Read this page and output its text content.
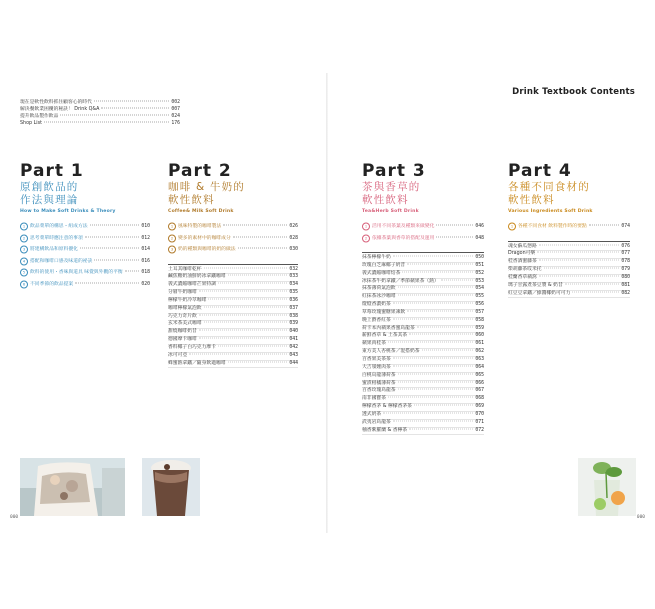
現在是軟性飲料抓住顧客心的時代	002
解決餐飲業困擾的秘訣！ Drink Q&A	007
提升飲品製作飲品	024
Shop List	176
Part 1
原創飲品的
作法與理論
How to Make Soft Drinks & Theory
1	飲品菜單的構思・組成方法	010
2	思考菜單時應注意的事項	012
3	將建構飲品和原料優化	014
4	搭配和咖啡口感及味道的祕訣	016
5	飲料的使用・香味與道具 味覺與外觀的平衡	018
6	不同季節的飲品提案	020
Part 2
咖啡 & 牛奶的
軟性飲料
Coffee& Milk Soft Drink
1	風味特製的咖啡製法	026
2	變多的素材中的咖啡成分	028
3	奶的種類與咖啡的奶的做法	030
土耳其咖啡乾杯	032
鹹焦糖奶油鮮奶冰拿鐵咖啡	033
義式濃縮咖啡芒果特調	034
分層牛奶咖啡	035
檸檬牛奶冷萃咖啡	036
咖啡檸檬氣泡飲	037
巧克力奇片飲	038
玄米茶美式咖啡	039
甜燒咖啡奶昔	040
德國摩卡咖啡	041
香料椰子白巧克力摩卡	042
冰可可亞	043
蜂蜜熱拿鐵／隨身飲適咖啡	044
000
Drink Textbook Contents
Part 3
茶與香草的
軟性飲料
Tea&Herb Soft Drink
1	活用不同茶葉及種類來做變化	046
2	依據茶葉與香草的搭配及運用	048
抹茶檸檬牛奶	050
玫瑰白芝麻椰子奶昔	051
義式濃縮咖啡焙茶	052
冰抹茶牛奶拿鐵／季節蘋果茶（熱）	053
抹茶薄荷氣泡飲	054
紅抹茶冰沙咖啡	055
燈燈香濃奶茶	056
草莓玫瑰蜜糖果凍飲	057
晚上爵香紅茶	058
荷卡本內蘋果香蜜烏龍茶	059
薪鮮香草 & 土茶其茶	060
蘋果肉桂茶	061
東方美人杏桃茶／混搭奶茶	062
百香果美茶茶	063
大吉嶺煙肉茶	064
白桃烏龍薄荷茶	065
蜜漬柑橘薄荷茶	066
百香玫瑰烏龍茶	067
南非國寶茶	068
檸檬香茅 & 檸檬香茅茶	069
透式奶茶	070
武夷岩烏龍茶	071
柚香紫羅蘭 & 香檸茶	072
Part 4
各種不同食材的
軟性飲料
Various Ingredients Soft Drink
1	各種不同食材 飲料製作時的要點	074
魂女蘇瓜戀路	076
Dragon可樂	077
桂香酒蜜藤茶	078
柴胡藤茶哎米托	079
桂蘭香草蘋瀉	080
瑪子甘露煮茶豆漿 & 奶昔	081
紅豆豆拿鐵／綠醬椰奶可可力	082
000
